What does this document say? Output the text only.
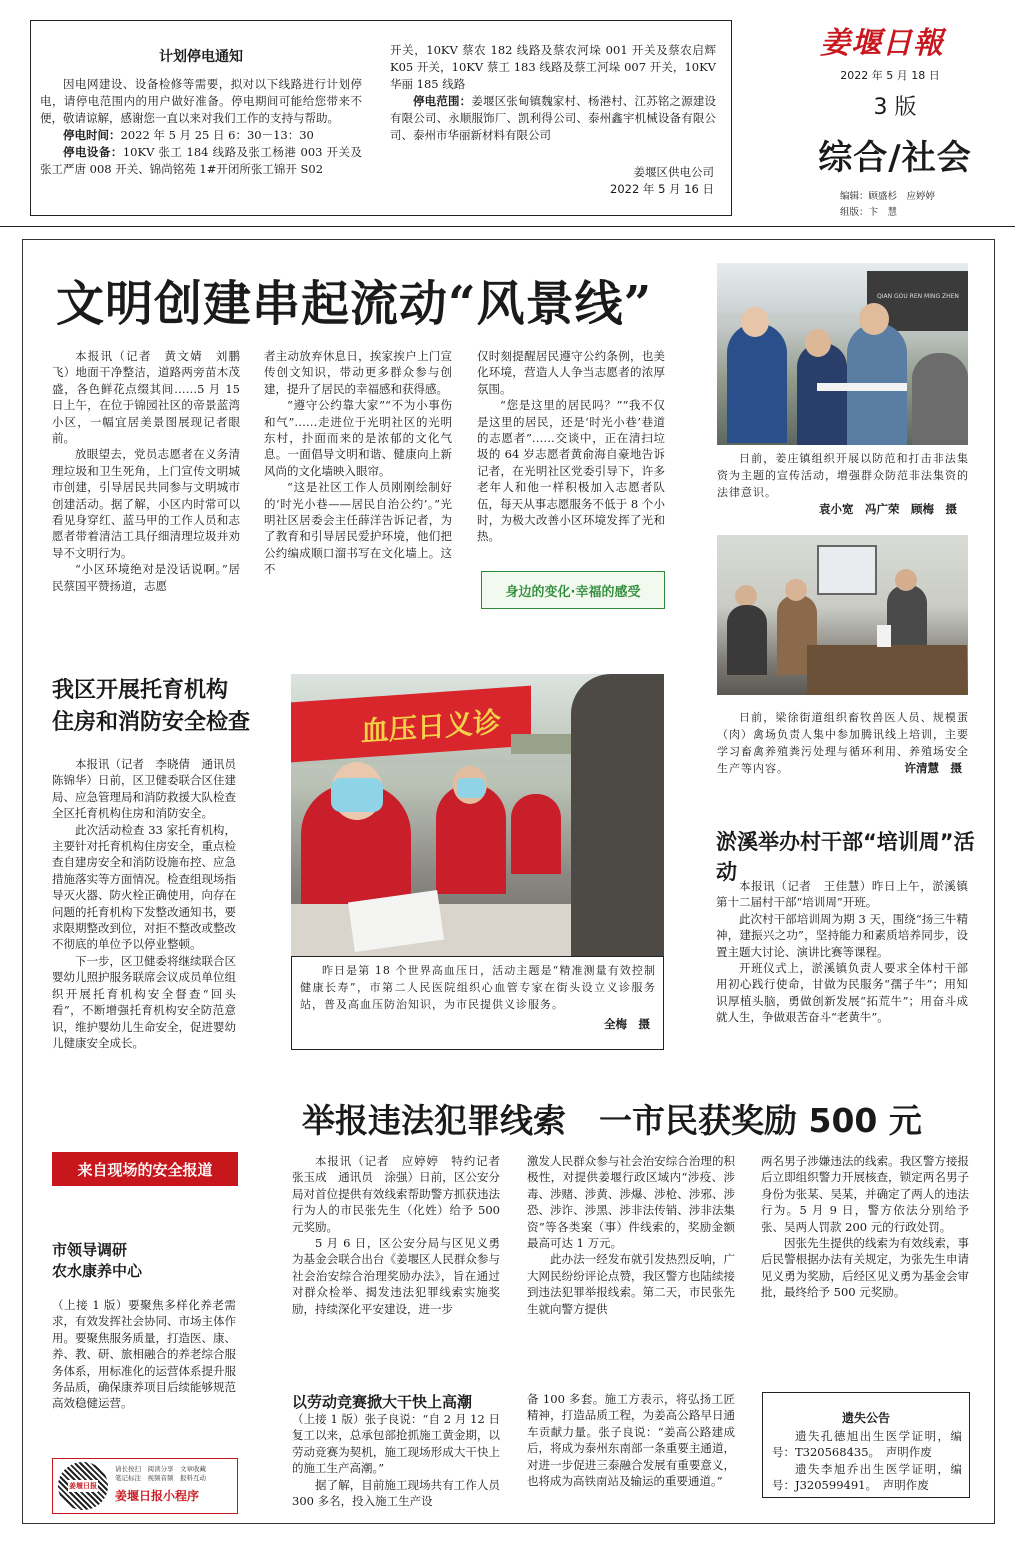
计划停电通知

因电网建设、设备检修等需要，拟对以下线路进行计划停电，请停电范围内的用户做好准备。停电期间可能给您带来不便，敬请谅解，感谢您一直以来对我们工作的支持与帮助。

停电时间：2022 年 5 月 25 日 6：30－13：30

停电设备：10KV 张工 184 线路及张工杨港 003 开关及张工严唐 008 开关、锦尚铭苑 1#开闭所张工锦开 S02

开关，10KV 蔡农 182 线路及蔡农河垛 001 开关及蔡农启辉 K05 开关，10KV 蔡工 183 线路及蔡工河垛 007 开关，10KV 华丽 185 线路

停电范围：姜堰区张甸镇魏家村、杨港村、江苏铭之源建设有限公司、永顺服饰厂、凯利得公司、泰州鑫宇机械设备有限公司、泰州市华丽新材料有限公司

姜堰区供电公司
2022 年 5 月 16 日
姜堰日報
2022 年 5 月 18 日
3 版
综合/社会
编辑：顾盛杉　应婷婷
组版：卞　慧
文明创建串起流动“风景线”

本报讯（记者　黄文婧　刘鹏飞）地面干净整洁，道路两旁苗木茂盛，各色鲜花点缀其间……5 月 15 日上午，在位于锦园社区的帝景蓝湾小区，一幅宜居美景图展现记者眼前。

放眼望去，党员志愿者在义务清理垃圾和卫生死角，上门宣传文明城市创建，引导居民共同参与文明城市创建活动。据了解，小区内时常可以看见身穿红、蓝马甲的工作人员和志愿者带着清洁工具仔细清理垃圾并劝导不文明行为。

“小区环境绝对是没话说啊。”居民蔡国平赞扬道，志愿

者主动放弃休息日，挨家挨户上门宣传创文知识，带动更多群众参与创建，提升了居民的幸福感和获得感。

“遵守公约靠大家”“不为小事伤和气”……走进位于光明社区的光明东村，扑面而来的是浓郁的文化气息。一面倡导文明和谐、健康向上新风尚的文化墙映入眼帘。

“这是社区工作人员刚刚绘制好的‘时光小巷——居民自治公约’。”光明社区居委会主任薛洋告诉记者，为了教育和引导居民爱护环境，他们把公约编成顺口溜书写在文化墙上。这不

仅时刻提醒居民遵守公约条例，也美化环境，营造人人争当志愿者的浓厚氛围。

“您是这里的居民吗？”“我不仅是这里的居民，还是‘时光小巷’巷道的志愿者”……交谈中，正在清扫垃圾的 64 岁志愿者黄俞海自豪地告诉记者，在光明社区党委引导下，许多老年人和他一样积极加入志愿者队伍，每天从事志愿服务不低于 8 个小时，为极大改善小区环境发挥了光和热。

身边的变化·幸福的感受
QIAN GOU REN MING ZHEN

日前，姜庄镇组织开展以防范和打击非法集资为主题的宣传活动，增强群众防范非法集资的法律意识。

袁小宽　冯广荣　顾梅　摄

日前，梁徐街道组织畜牧兽医人员、规模蛋（肉）禽场负责人集中参加腾讯线上培训，主要学习畜禽养殖粪污处理与循环利用、养殖场安全生产等内容。	许清慧　摄
我区开展托育机构
住房和消防安全检查

本报讯（记者　李晓倩　通讯员　陈锦华）日前，区卫健委联合区住建局、应急管理局和消防救援大队检查全区托育机构住房和消防安全。

此次活动检查 33 家托育机构，主要针对托育机构住房安全，重点检查自建房安全和消防设施布控、应急措施落实等方面情况。检查组现场指导灭火器、防火栓正确使用，向存在问题的托育机构下发整改通知书，要求限期整改到位，对拒不整改或整改不彻底的单位予以停业整顿。

下一步，区卫健委将继续联合区婴幼儿照护服务联席会议成员单位组织开展托育机构安全督查“回头看”，不断增强托育机构安全防范意识，维护婴幼儿生命安全，促进婴幼儿健康安全成长。

来自现场的安全报道
血压日义诊

昨日是第 18 个世界高血压日，活动主题是“精准测量有效控制　健康长寿”，市第二人民医院组织心血管专家在街头设立义诊服务站，普及高血压防治知识，为市民提供义诊服务。

全梅　摄
淤溪举办村干部“培训周”活动

本报讯（记者　王佳慧）昨日上午，淤溪镇第十二届村干部“培训周”开班。

此次村干部培训周为期 3 天，围绕“扬三牛精神，建振兴之功”，坚持能力和素质培养同步，设置主题大讨论、演讲比赛等课程。

开班仪式上，淤溪镇负责人要求全体村干部用初心践行使命，甘做为民服务“孺子牛”；用知识厚植头脑，勇做创新发展“拓荒牛”；用奋斗成就人生，争做艰苦奋斗“老黄牛”。

举报违法犯罪线索　一市民获奖励 500 元

本报讯（记者　应婷婷　特约记者　张玉成　通讯员　涂强）日前，区公安分局对首位提供有效线索帮助警方抓获违法行为人的市民张先生（化姓）给予 500 元奖励。

5 月 6 日，区公安分局与区见义勇为基金会联合出台《姜堰区人民群众参与社会治安综合治理奖励办法》，旨在通过对群众检举、揭发违法犯罪线索实施奖励，持续深化平安建设，进一步

激发人民群众参与社会治安综合治理的积极性，对提供姜堰行政区域内“涉疫、涉毒、涉赌、涉黄、涉爆、涉枪、涉邪、涉恐、涉诈、涉黑、涉非法传销、涉非法集资”等各类案（事）件线索的，奖励金额最高可达 1 万元。

此办法一经发布就引发热烈反响，广大网民纷纷评论点赞，我区警方也陆续接到违法犯罪举报线索。第二天，市民张先生就向警方提供

两名男子涉嫌违法的线索。我区警方接报后立即组织警力开展核查，锁定两名男子身份为张某、吴某，并确定了两人的违法行为。5 月 9 日，警方依法分别给予张、吴两人罚款 200 元的行政处罚。

因张先生提供的线索为有效线索，事后民警根据办法有关规定，为张先生申请见义勇为奖励，后经区见义勇为基金会审批，最终给予 500 元奖励。

市领导调研
农水康养中心

（上接 1 版）要聚焦多样化养老需求，有效发挥社会协同、市场主体作用。要聚焦服务质量，打造医、康、养、教、研、旅相融合的养老综合服务体系，用标准化的运营体系提升服务品质，确保康养项目后续能够规范高效稳健运营。

姜堰日报
请长按扫　阅读分享　文章收藏
笔记标注　视频音频　报料互动
姜堰日报小程序
以劳动竞赛掀大干快上高潮

（上接 1 版）张子良说：“自 2 月 12 日复工以来，总承包部抢抓施工黄金期，以劳动竞赛为契机，施工现场形成大干快上的施工生产高潮。”

据了解，目前施工现场共有工作人员 300 多名，投入施工生产设

备 100 多套。施工方表示，将弘扬工匠精神，打造品质工程，为姜高公路早日通车贡献力量。张子良说：“姜高公路建成后，将成为泰州东南部一条重要主通道，对进一步促进三泰融合发展有重要意义，也将成为高铁南站及输运的重要通道。”

遗失公告

遗失孔德旭出生医学证明，编号：T320568435。　声明作废

遗失李旭乔出生医学证明，编号：J320599491。　声明作废
